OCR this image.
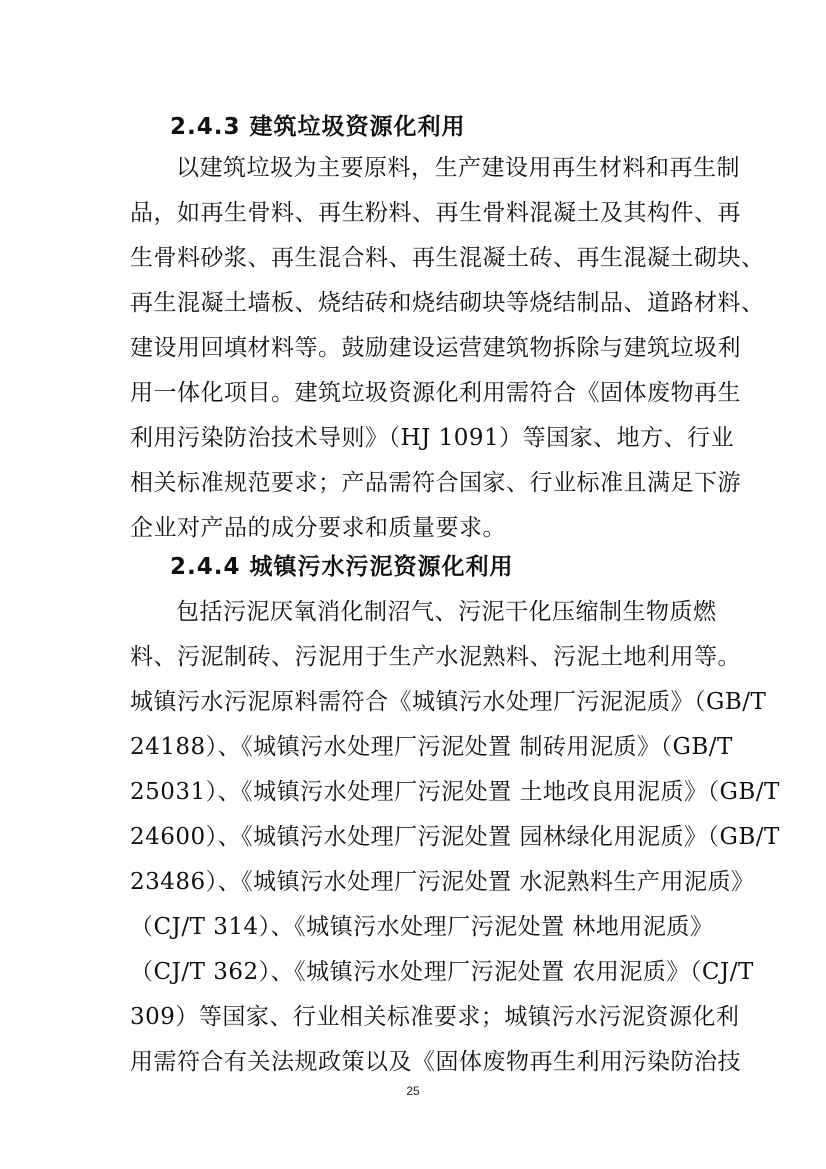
2.4.3 建筑垃圾资源化利用
以建筑垃圾为主要原料，生产建设用再生材料和再生制
品，如再生骨料、再生粉料、再生骨料混凝土及其构件、再
生骨料砂浆、再生混合料、再生混凝土砖、再生混凝土砌块、
再生混凝土墙板、烧结砖和烧结砌块等烧结制品、道路材料、
建设用回填材料等。鼓励建设运营建筑物拆除与建筑垃圾利
用一体化项目。建筑垃圾资源化利用需符合《固体废物再生
利用污染防治技术导则》（HJ 1091）等国家、地方、行业
相关标准规范要求；产品需符合国家、行业标准且满足下游
企业对产品的成分要求和质量要求。
2.4.4 城镇污水污泥资源化利用
包括污泥厌氧消化制沼气、污泥干化压缩制生物质燃
料、污泥制砖、污泥用于生产水泥熟料、污泥土地利用等。
城镇污水污泥原料需符合《城镇污水处理厂污泥泥质》（GB/T
24188）、《城镇污水处理厂污泥处置 制砖用泥质》（GB/T
25031）、《城镇污水处理厂污泥处置 土地改良用泥质》（GB/T
24600）、《城镇污水处理厂污泥处置 园林绿化用泥质》（GB/T
23486）、《城镇污水处理厂污泥处置 水泥熟料生产用泥质》
（CJ/T 314）、《城镇污水处理厂污泥处置 林地用泥质》
（CJ/T 362）、《城镇污水处理厂污泥处置 农用泥质》（CJ/T
309）等国家、行业相关标准要求；城镇污水污泥资源化利
用需符合有关法规政策以及《固体废物再生利用污染防治技
25
